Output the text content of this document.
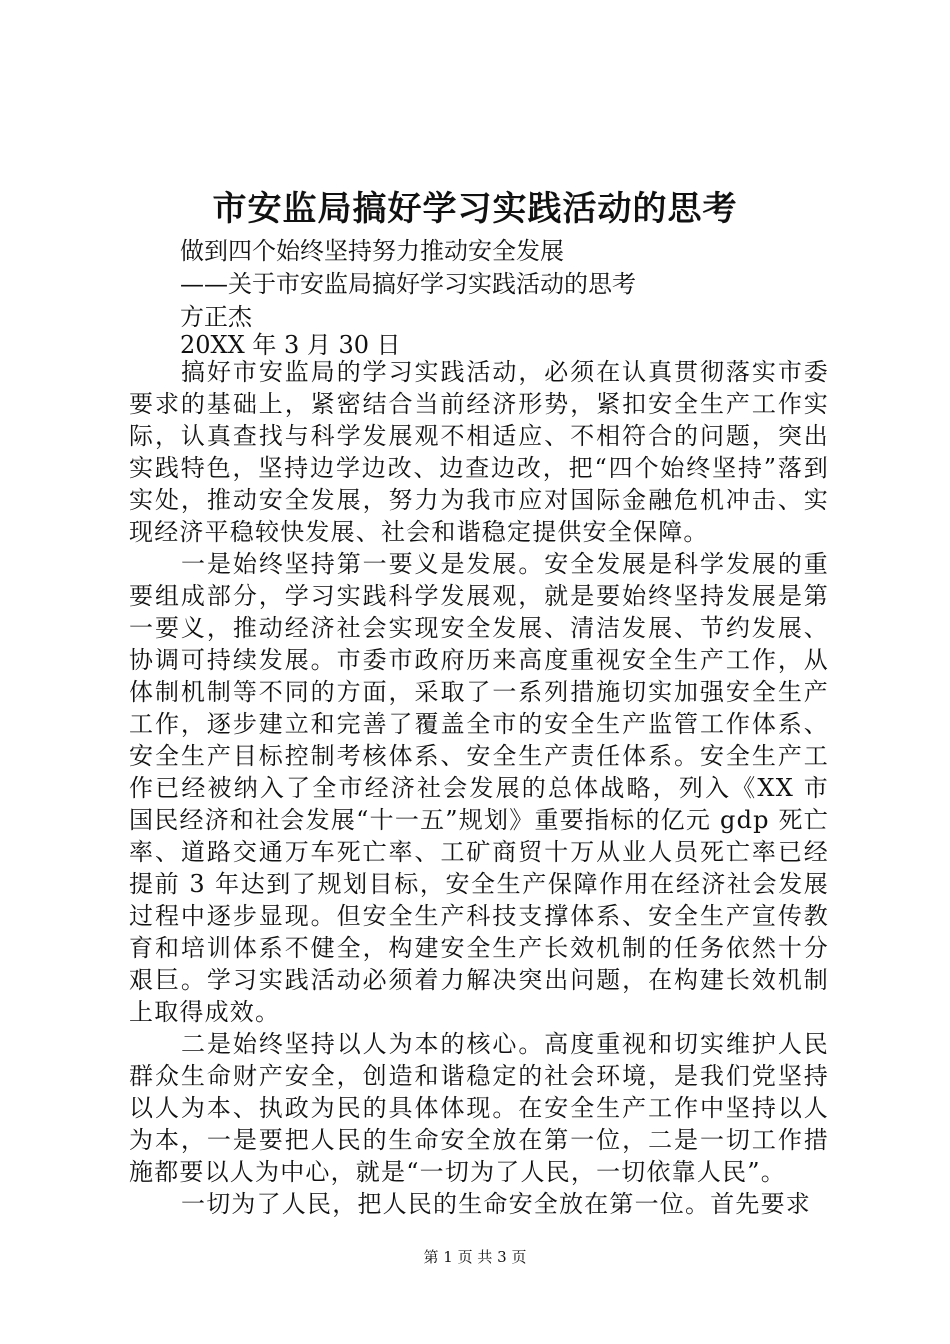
市安监局搞好学习实践活动的思考
做到四个始终坚持努力推动安全发展
——关于市安监局搞好学习实践活动的思考
方正杰
20XX 年 3 月 30 日

搞好市安监局的学习实践活动，必须在认真贯彻落实市委要求的基础上，紧密结合当前经济形势，紧扣安全生产工作实际，认真查找与科学发展观不相适应、不相符合的问题，突出实践特色，坚持边学边改、边查边改，把“四个始终坚持”落到实处，推动安全发展，努力为我市应对国际金融危机冲击、实现经济平稳较快发展、社会和谐稳定提供安全保障。

一是始终坚持第一要义是发展。安全发展是科学发展的重要组成部分，学习实践科学发展观，就是要始终坚持发展是第一要义，推动经济社会实现安全发展、清洁发展、节约发展、协调可持续发展。市委市政府历来高度重视安全生产工作，从体制机制等不同的方面，采取了一系列措施切实加强安全生产工作，逐步建立和完善了覆盖全市的安全生产监管工作体系、安全生产目标控制考核体系、安全生产责任体系。安全生产工作已经被纳入了全市经济社会发展的总体战略，列入《XX 市国民经济和社会发展“十一五”规划》重要指标的亿元 gdp 死亡率、道路交通万车死亡率、工矿商贸十万从业人员死亡率已经提前 3 年达到了规划目标，安全生产保障作用在经济社会发展过程中逐步显现。但安全生产科技支撑体系、安全生产宣传教育和培训体系不健全，构建安全生产长效机制的任务依然十分艰巨。学习实践活动必须着力解决突出问题，在构建长效机制上取得成效。

二是始终坚持以人为本的核心。高度重视和切实维护人民群众生命财产安全，创造和谐稳定的社会环境，是我们党坚持以人为本、执政为民的具体体现。在安全生产工作中坚持以人为本，一是要把人民的生命安全放在第一位，二是一切工作措施都要以人为中心，就是“一切为了人民，一切依靠人民”。

一切为了人民，把人民的生命安全放在第一位。首先要求

第 1 页 共 3 页
